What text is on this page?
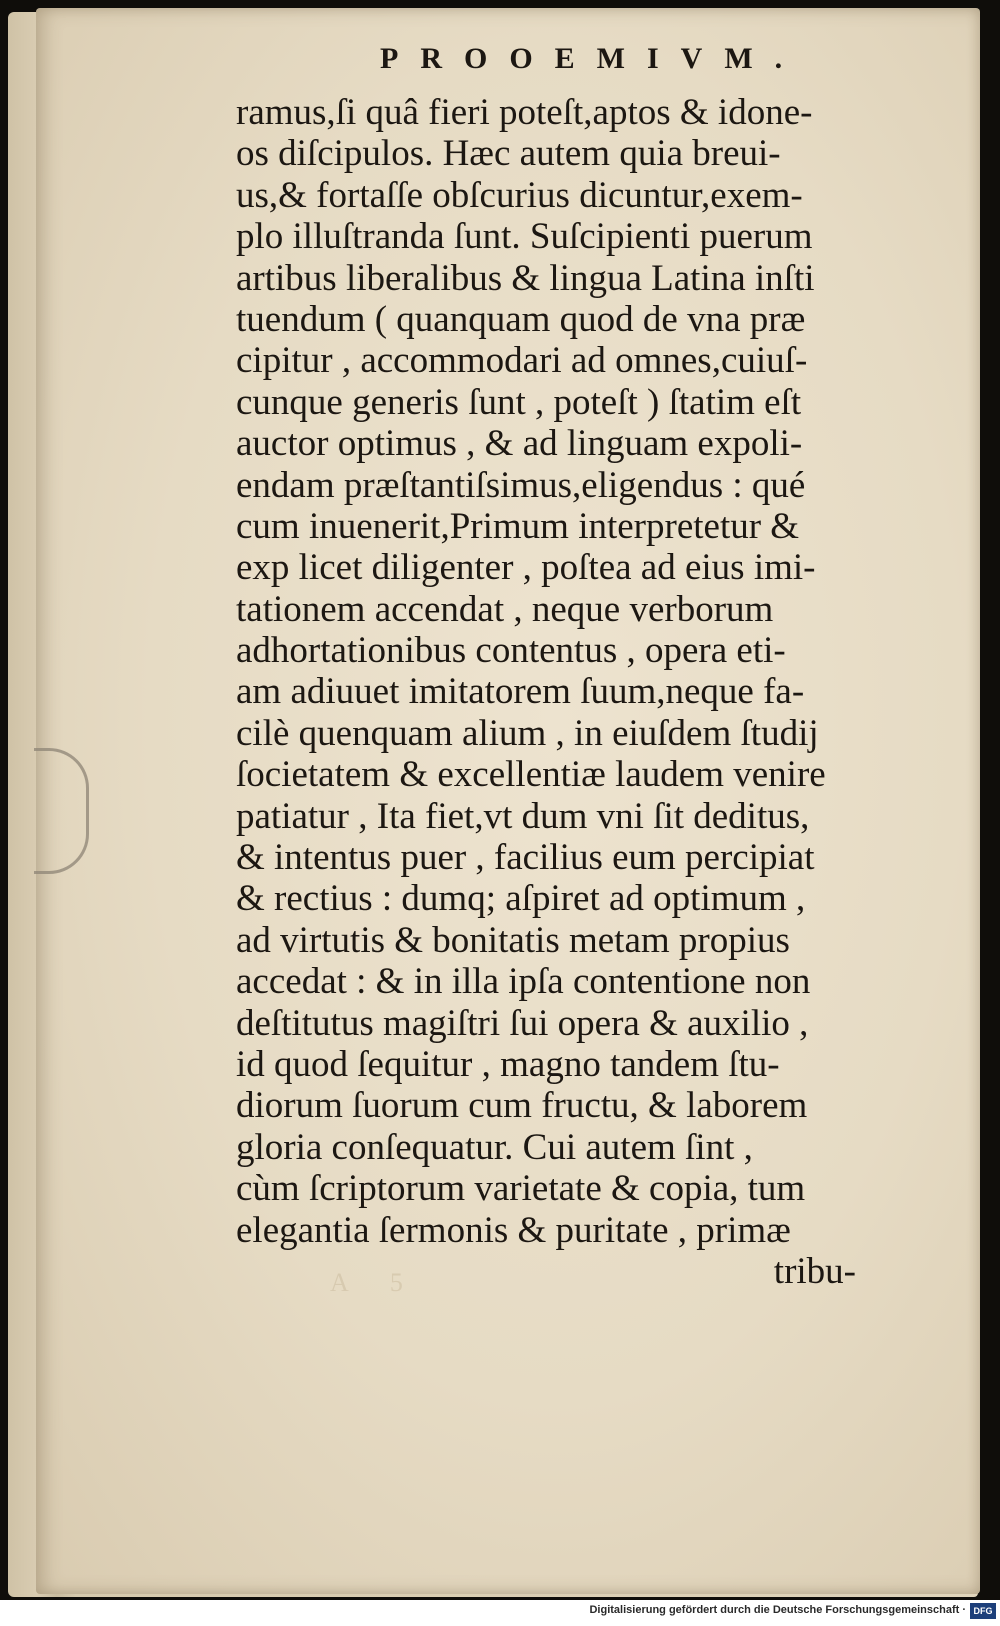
PROOEMIVM.
ramus,ſi quâ fieri poteſt,aptos & idone-
os diſcipulos. Hæc autem quia breui-
us,& fortaſſe obſcurius dicuntur,exem-
plo illuſtranda ſunt. Suſcipienti puerum
artibus liberalibus & lingua Latina inſti
tuendum ( quanquam quod de vna præ
cipitur , accommodari ad omnes,cuiuſ-
cunque generis ſunt , poteſt ) ſtatim eſt
auctor optimus , & ad linguam expoli-
endam præſtantiſsimus,eligendus : qué
cum inuenerit,Primum interpretetur &
exp licet diligenter , poſtea ad eius imi-
tationem accendat , neque verborum
adhortationibus contentus , opera eti-
am adiuuet imitatorem ſuum,neque fa-
cilè quenquam alium , in eiuſdem ſtudij
ſocietatem & excellentiæ laudem venire
patiatur , Ita fiet,vt dum vni ſit deditus,
& intentus puer , facilius eum percipiat
& rectius : dumq; aſpiret ad optimum ,
ad virtutis & bonitatis metam propius
accedat : & in illa ipſa contentione non
deſtitutus magiſtri ſui opera & auxilio ,
id quod ſequitur , magno tandem ſtu-
diorum ſuorum cum fructu, & laborem
gloria conſequatur. Cui autem ſint ,
cùm ſcriptorum varietate & copia, tum
elegantia ſermonis & puritate , primæ
tribu-
A 5
Digitalisierung gefördert durch die Deutsche Forschungsgemeinschaft · DFG
